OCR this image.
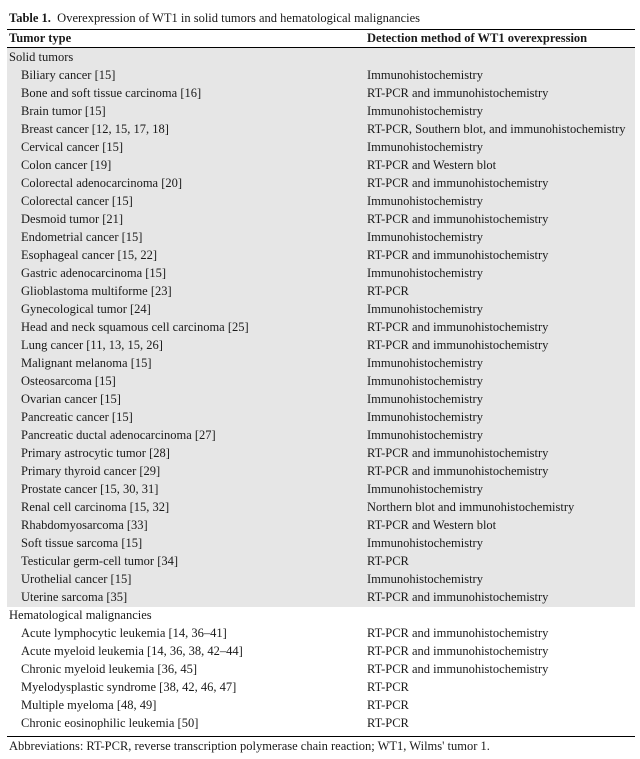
Table 1. Overexpression of WT1 in solid tumors and hematological malignancies
Tumor type	Detection method of WT1 overexpression
Solid tumors
Biliary cancer [15]	Immunohistochemistry
Bone and soft tissue carcinoma [16]	RT-PCR and immunohistochemistry
Brain tumor [15]	Immunohistochemistry
Breast cancer [12, 15, 17, 18]	RT-PCR, Southern blot, and immunohistochemistry
Cervical cancer [15]	Immunohistochemistry
Colon cancer [19]	RT-PCR and Western blot
Colorectal adenocarcinoma [20]	RT-PCR and immunohistochemistry
Colorectal cancer [15]	Immunohistochemistry
Desmoid tumor [21]	RT-PCR and immunohistochemistry
Endometrial cancer [15]	Immunohistochemistry
Esophageal cancer [15, 22]	RT-PCR and immunohistochemistry
Gastric adenocarcinoma [15]	Immunohistochemistry
Glioblastoma multiforme [23]	RT-PCR
Gynecological tumor [24]	Immunohistochemistry
Head and neck squamous cell carcinoma [25]	RT-PCR and immunohistochemistry
Lung cancer [11, 13, 15, 26]	RT-PCR and immunohistochemistry
Malignant melanoma [15]	Immunohistochemistry
Osteosarcoma [15]	Immunohistochemistry
Ovarian cancer [15]	Immunohistochemistry
Pancreatic cancer [15]	Immunohistochemistry
Pancreatic ductal adenocarcinoma [27]	Immunohistochemistry
Primary astrocytic tumor [28]	RT-PCR and immunohistochemistry
Primary thyroid cancer [29]	RT-PCR and immunohistochemistry
Prostate cancer [15, 30, 31]	Immunohistochemistry
Renal cell carcinoma [15, 32]	Northern blot and immunohistochemistry
Rhabdomyosarcoma [33]	RT-PCR and Western blot
Soft tissue sarcoma [15]	Immunohistochemistry
Testicular germ-cell tumor [34]	RT-PCR
Urothelial cancer [15]	Immunohistochemistry
Uterine sarcoma [35]	RT-PCR and immunohistochemistry
Hematological malignancies
Acute lymphocytic leukemia [14, 36–41]	RT-PCR and immunohistochemistry
Acute myeloid leukemia [14, 36, 38, 42–44]	RT-PCR and immunohistochemistry
Chronic myeloid leukemia [36, 45]	RT-PCR and immunohistochemistry
Myelodysplastic syndrome [38, 42, 46, 47]	RT-PCR
Multiple myeloma [48, 49]	RT-PCR
Chronic eosinophilic leukemia [50]	RT-PCR
Abbreviations: RT-PCR, reverse transcription polymerase chain reaction; WT1, Wilms' tumor 1.
